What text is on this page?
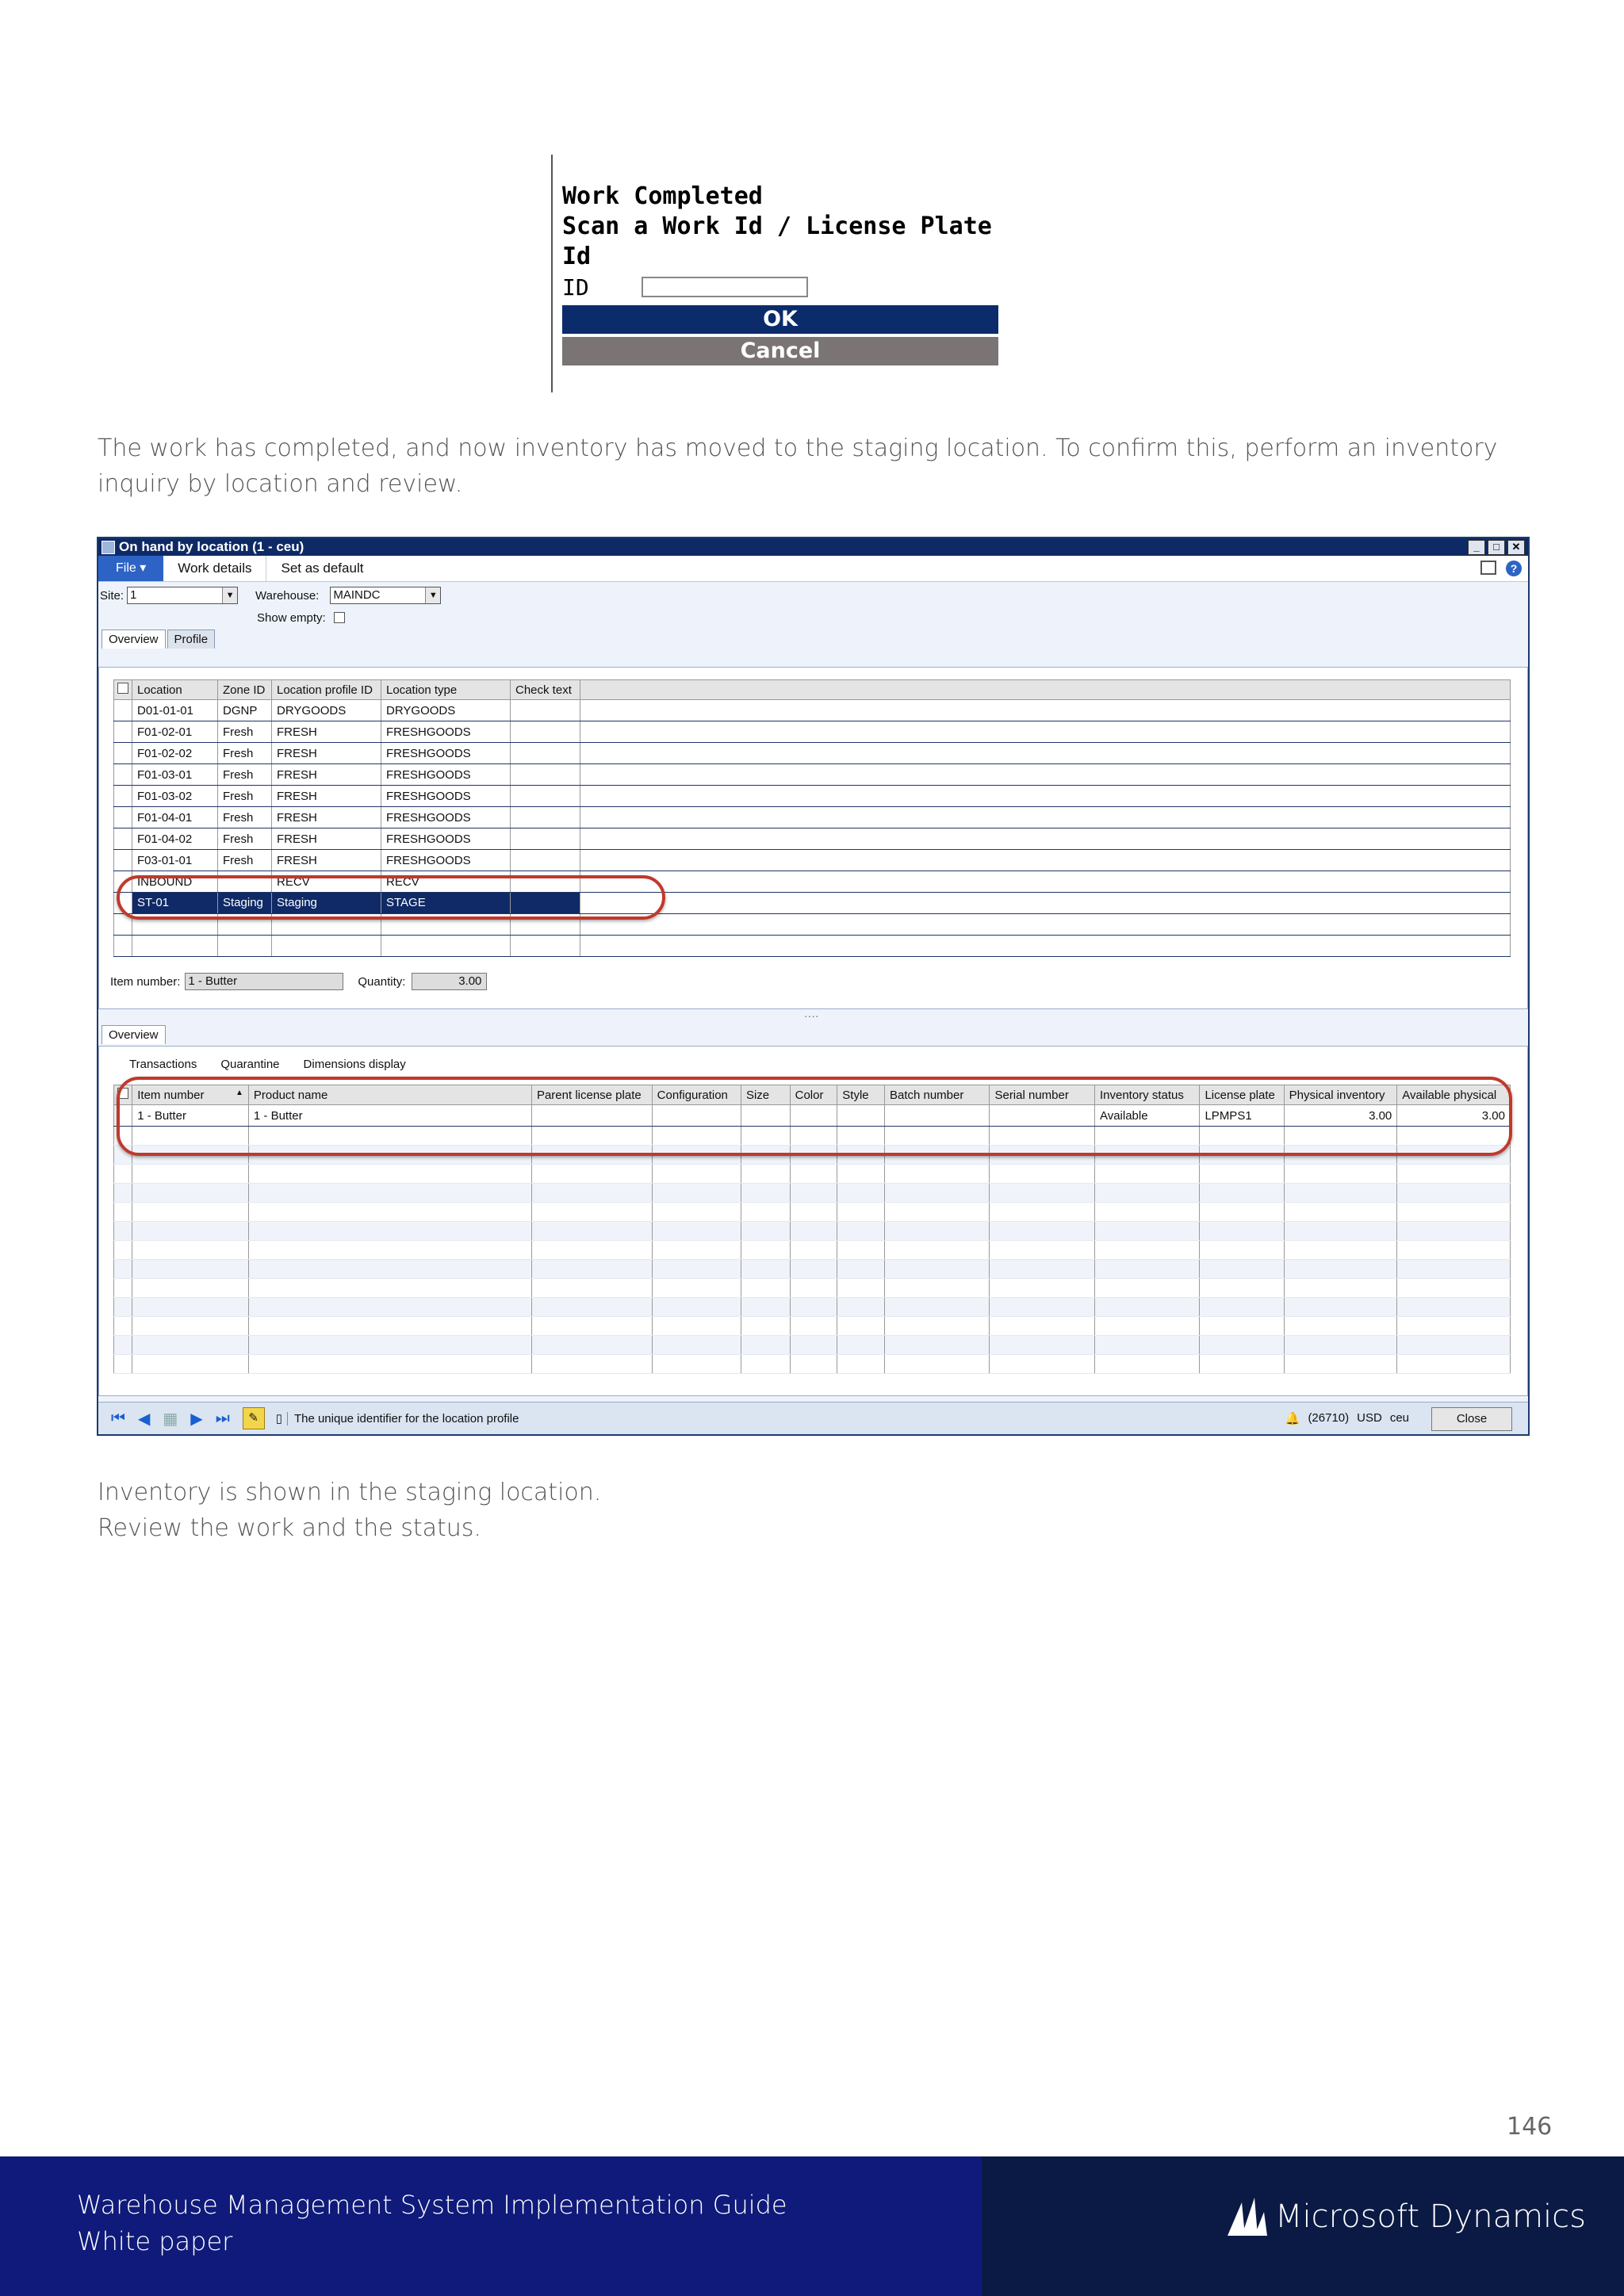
Work Completed
Scan a Work Id / License Plate Id
ID
OK
Cancel
The work has completed, and now inventory has moved to the staging location. To confirm this, perform an inventory inquiry by location and review.
On hand by location (1 - ceu)	_	□	✕
File ▾	Work details	Set as default	?
Site: 1	▼ Warehouse: MAINDC	▼
Show empty:
Overview	Profile
	Location	Zone ID	Location profile ID	Location type	Check text	
	D01-01-01	DGNP	DRYGOODS	DRYGOODS		
	F01-02-01	Fresh	FRESH	FRESHGOODS		
	F01-02-02	Fresh	FRESH	FRESHGOODS		
	F01-03-01	Fresh	FRESH	FRESHGOODS		
	F01-03-02	Fresh	FRESH	FRESHGOODS		
	F01-04-01	Fresh	FRESH	FRESHGOODS		
	F01-04-02	Fresh	FRESH	FRESHGOODS		
	F03-01-01	Fresh	FRESH	FRESHGOODS		
	INBOUND		RECV	RECV		
	ST-01	Staging	Staging	STAGE		

Item number: 1 - Butter	Quantity:	3.00
····
Overview
Transactions Quarantine Dimensions display
	Item number ▲	Product name	Parent license plate	Configuration	Size	Color	Style	Batch number	Serial number	Inventory status	License plate	Physical inventory	Available physical
	1 - Butter	1 - Butter								Available	LPMPS1	3.00	3.00

⏮ ◀ ▦ ▶ ⏭	✎	▯	The unique identifier for the location profile	🔔 (26710) USD ceu	Close
Inventory is shown in the staging location.
Review the work and the status.
146
Warehouse Management System Implementation Guide
White paper
Microsoft Dynamics
